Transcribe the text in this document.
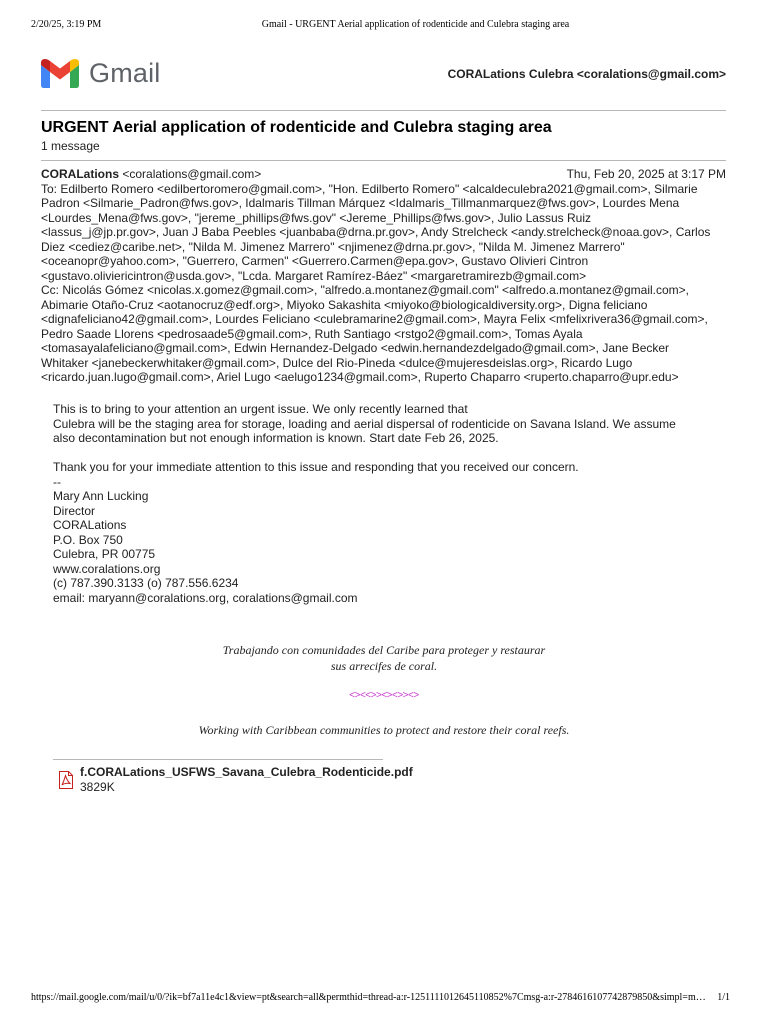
2/20/25, 3:19 PM	Gmail - URGENT Aerial application of rodenticide and Culebra staging area
Gmail	CORALations Culebra <coralations@gmail.com>
URGENT Aerial application of rodenticide and Culebra staging area
1 message
CORALations <coralations@gmail.com>	Thu, Feb 20, 2025 at 3:17 PM
To: Edilberto Romero <edilbertoromero@gmail.com>, "Hon. Edilberto Romero" <alcaldeculebra2021@gmail.com>, Silmarie
Padron <Silmarie_Padron@fws.gov>, Idalmaris Tillman Márquez <Idalmaris_Tillmanmarquez@fws.gov>, Lourdes Mena
<Lourdes_Mena@fws.gov>, "jereme_phillips@fws.gov" <Jereme_Phillips@fws.gov>, Julio Lassus Ruiz
<lassus_j@jp.pr.gov>, Juan J Baba Peebles <juanbaba@drna.pr.gov>, Andy Strelcheck <andy.strelcheck@noaa.gov>, Carlos
Diez <cediez@caribe.net>, "Nilda M. Jimenez Marrero" <njimenez@drna.pr.gov>, "Nilda M. Jimenez Marrero"
<oceanopr@yahoo.com>, "Guerrero, Carmen" <Guerrero.Carmen@epa.gov>, Gustavo Olivieri Cintron
<gustavo.oliviericintron@usda.gov>, "Lcda. Margaret Ramírez-Báez" <margaretramirezb@gmail.com>
Cc: Nicolás Gómez <nicolas.x.gomez@gmail.com>, "alfredo.a.montanez@gmail.com" <alfredo.a.montanez@gmail.com>,
Abimarie Otaño-Cruz <aotanocruz@edf.org>, Miyoko Sakashita <miyoko@biologicaldiversity.org>, Digna feliciano
<dignafeliciano42@gmail.com>, Lourdes Feliciano <culebramarine2@gmail.com>, Mayra Felix <mfelixrivera36@gmail.com>,
Pedro Saade Llorens <pedrosaade5@gmail.com>, Ruth Santiago <rstgo2@gmail.com>, Tomas Ayala
<tomasayalafeliciano@gmail.com>, Edwin Hernandez-Delgado <edwin.hernandezdelgado@gmail.com>, Jane Becker
Whitaker <janebeckerwhitaker@gmail.com>, Dulce del Rio-Pineda <dulce@mujeresdeislas.org>, Ricardo Lugo
<ricardo.juan.lugo@gmail.com>, Ariel Lugo <aelugo1234@gmail.com>, Ruperto Chaparro <ruperto.chaparro@upr.edu>

This is to bring to your attention an urgent issue. We only recently learned that

Culebra will be the staging area for storage, loading and aerial dispersal of rodenticide on Savana Island. We assume

also decontamination but not enough information is known. Start date Feb 26, 2025.

Thank you for your immediate attention to this issue and responding that you received our concern.

--

Mary Ann Lucking

Director

CORALations

P.O. Box 750

Culebra, PR 00775

www.coralations.org

(c) 787.390.3133 (o) 787.556.6234

email: maryann@coralations.org, coralations@gmail.com

Trabajando con comunidades del Caribe para proteger y restaurar
sus arrecifes de coral.
<><<>><><>><>
Working with Caribbean communities to protect and restore their coral reefs.
f.CORALations_USFWS_Savana_Culebra_Rodenticide.pdf
3829K
https://mail.google.com/mail/u/0/?ik=bf7a11e4c1&view=pt&search=all&permthid=thread-a:r-1251111012645110852%7Cmsg-a:r-2784616107742879850&simpl=m…	1/1
